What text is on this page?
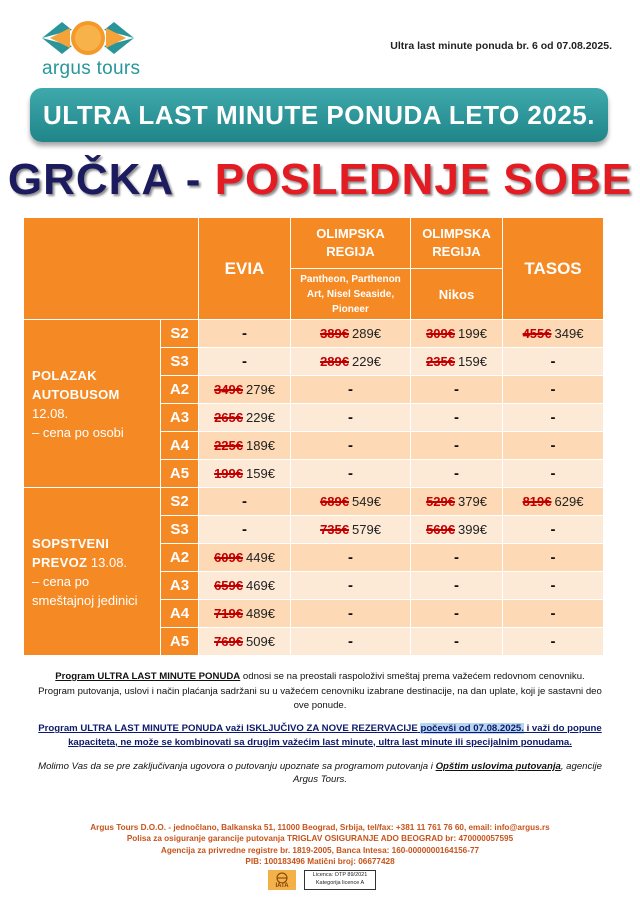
argus tours
Ultra last minute ponuda br. 6 od 07.08.2025.
ULTRA LAST MINUTE PONUDA LETO 2025.
GRČKA - POSLEDNJE SOBE
		EVIA	OLIMPSKA REGIJA	OLIMPSKA REGIJA	TASOS
			Pantheon, Parthenon Art, Nisel Seaside, Pioneer	Nikos	
POLAZAK
AUTOBUSOM
12.08.
– cena po osobi	S2	-	389€ 289€	309€ 199€	455€ 349€
	S3	-	289€ 229€	235€ 159€	-
	A2	349€ 279€	-	-	-
	A3	265€ 229€	-	-	-
	A4	225€ 189€	-	-	-
	A5	199€ 159€	-	-	-
SOPSTVENI
PREVOZ 13.08.
– cena po
smeštajnoj jedinici	S2	-	689€ 549€	529€ 379€	819€ 629€
	S3	-	735€ 579€	569€ 399€	-
	A2	609€ 449€	-	-	-
	A3	659€ 469€	-	-	-
	A4	719€ 489€	-	-	-
	A5	769€ 509€	-	-	-

Program ULTRA LAST MINUTE PONUDA odnosi se na preostali raspoloživi smeštaj prema važećem redovnom cenovniku.

Program putovanja, uslovi i način plaćanja sadržani su u važećem cenovniku izabrane destinacije, na dan uplate, koji je sastavni deo ove ponude.

Program ULTRA LAST MINUTE PONUDA važi ISKLJUČIVO ZA NOVE REZERVACIJE počevši od 07.08.2025. i važi do popune kapaciteta, ne može se kombinovati sa drugim važećim last minute, ultra last minute ili specijalnim ponudama.

Molimo Vas da se pre zaključivanja ugovora o putovanju upoznate sa programom putovanja i Opštim uslovima putovanja, agencije Argus Tours.

Argus Tours D.O.O. - jednočlano, Balkanska 51, 11000 Beograd, Srbija, tel/fax: +381 11 761 76 60, email: info@argus.rs

Polisa za osiguranje garancije putovanja TRIGLAV OSIGURANJE ADO BEOGRAD br: 470000057595

Agencija za privredne registre br. 1819-2005, Banca Intesa: 160-0000000164156-77

PIB: 100183496 Matični broj: 06677428

IATA
Licenca: OTP 89/2021
Kategorija licence A
